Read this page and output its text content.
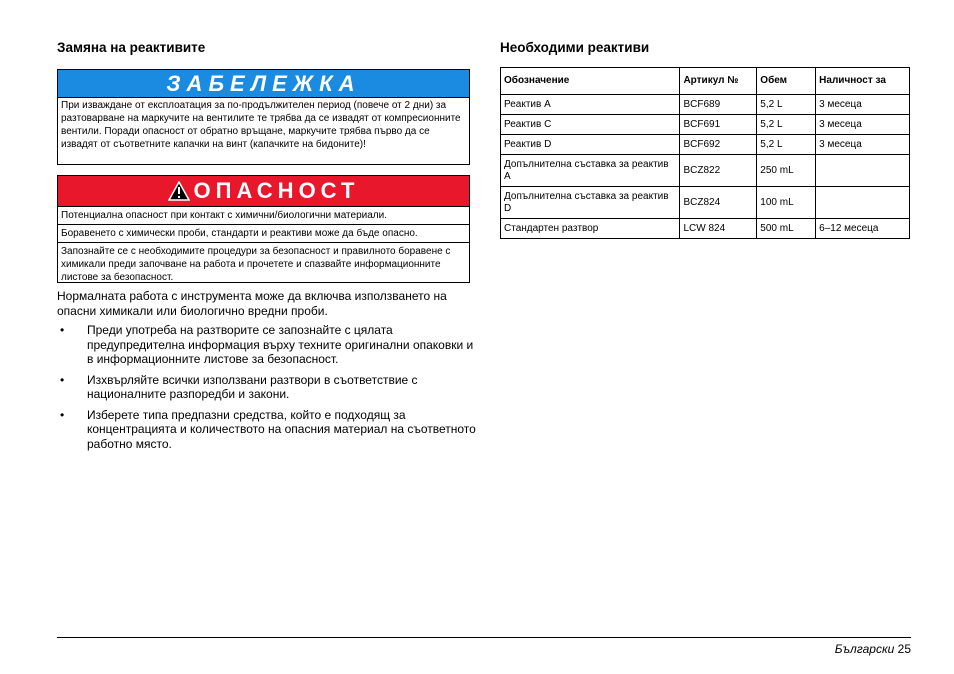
Замяна на реактивите
ЗАБЕЛЕЖКА
При изваждане от експлоатация за по-продължителен период (повече от 2 дни) за разтоварване на маркучите на вентилите те трябва да се извадят от компресионните вентили. Поради опасност от обратно връщане, маркучите трябва първо да се извадят от съответните капачки на винт (капачките на бидоните)!
ОПАСНОСТ
Потенциална опасност при контакт с химични/биологични материали.
Боравенето с химически проби, стандарти и реактиви може да бъде опасно.
Запознайте се с необходимите процедури за безопасност и правилното боравене с химикали преди започване на работа и прочетете и спазвайте информационните листове за безопасност.
Нормалната работа с инструмента може да включва използването на опасни химикали или биологично вредни проби.
• Преди употреба на разтворите се запознайте с цялата предупредителна информация върху техните оригинални опаковки и в информационните листове за безопасност.
• Изхвърляйте всички използвани разтвори в съответствие с националните разпоредби и закони.
• Изберете типа предпазни средства, който е подходящ за концентрацията и количеството на опасния материал на съответното работно място.
Необходими реактиви
Обозначение	Артикул №	Обем	Наличност за
Реактив A	BCF689	5,2 L	3 месеца
Реактив C	BCF691	5,2 L	3 месеца
Реактив D	BCF692	5,2 L	3 месеца
Допълнителна съставка за реактив A	BCZ822	250 mL	
Допълнителна съставка за реактив D	BCZ824	100 mL	
Стандартен разтвор	LCW 824	500 mL	6–12 месеца
Български 25
